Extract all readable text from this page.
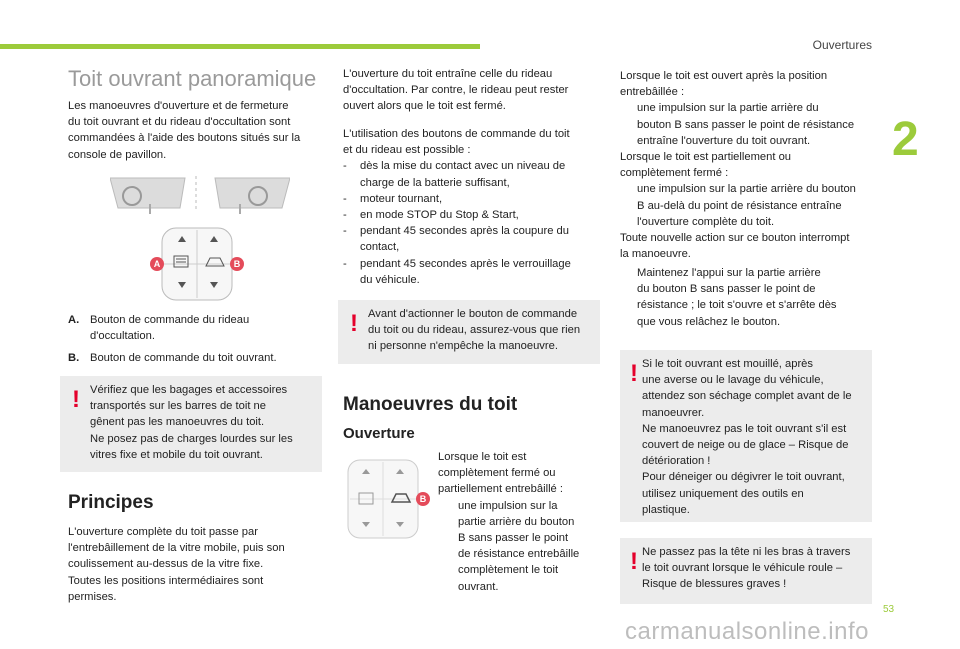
Ouvertures
2
53
carmanualsonline.info
Toit ouvrant panoramique
Les manoeuvres d'ouverture et de fermeture
du toit ouvrant et du rideau d'occultation sont
commandées à l'aide des boutons situés sur la
console de pavillon.
A	B
A. Bouton de commande du rideau
d'occultation.
B. Bouton de commande du toit ouvrant.
! Vérifiez que les bagages et accessoires
transportés sur les barres de toit ne
gênent pas les manoeuvres du toit.
Ne posez pas de charges lourdes sur les
vitres fixe et mobile du toit ouvrant.
Principes
L'ouverture complète du toit passe par
l'entrebâillement de la vitre mobile, puis son
coulissement au-dessus de la vitre fixe.
Toutes les positions intermédiaires sont
permises.
L'ouverture du toit entraîne celle du rideau
d'occultation. Par contre, le rideau peut rester
ouvert alors que le toit est fermé.
L'utilisation des boutons de commande du toit
et du rideau est possible :
-	dès la mise du contact avec un niveau de
charge de la batterie suffisant,
-	moteur tournant,
-	en mode STOP du Stop & Start,
-	pendant 45 secondes après la coupure du
contact,
-	pendant 45 secondes après le verrouillage
du véhicule.
! Avant d'actionner le bouton de commande
du toit ou du rideau, assurez-vous que rien
ni personne n'empêche la manoeuvre.
Manoeuvres du toit
Ouverture
B
Lorsque le toit est
complètement fermé ou
partiellement entrebâillé :
une impulsion sur la
partie arrière du bouton
B sans passer le point
de résistance entrebâille
complètement le toit
ouvrant.
Lorsque le toit est ouvert après la position
entrebâillée :
une impulsion sur la partie arrière du
bouton B sans passer le point de résistance
entraîne l'ouverture du toit ouvrant.
Lorsque le toit est partiellement ou
complètement fermé :
une impulsion sur la partie arrière du bouton
B au-delà du point de résistance entraîne
l'ouverture complète du toit.
Toute nouvelle action sur ce bouton interrompt
la manoeuvre.
Maintenez l'appui sur la partie arrière
du bouton B sans passer le point de
résistance ; le toit s'ouvre et s'arrête dès
que vous relâchez le bouton.
! Si le toit ouvrant est mouillé, après
une averse ou le lavage du véhicule,
attendez son séchage complet avant de le
manoeuvrer.
Ne manoeuvrez pas le toit ouvrant s'il est
couvert de neige ou de glace – Risque de
détérioration !
Pour déneiger ou dégivrer le toit ouvrant,
utilisez uniquement des outils en
plastique.
! Ne passez pas la tête ni les bras à travers
le toit ouvrant lorsque le véhicule roule –
Risque de blessures graves !
